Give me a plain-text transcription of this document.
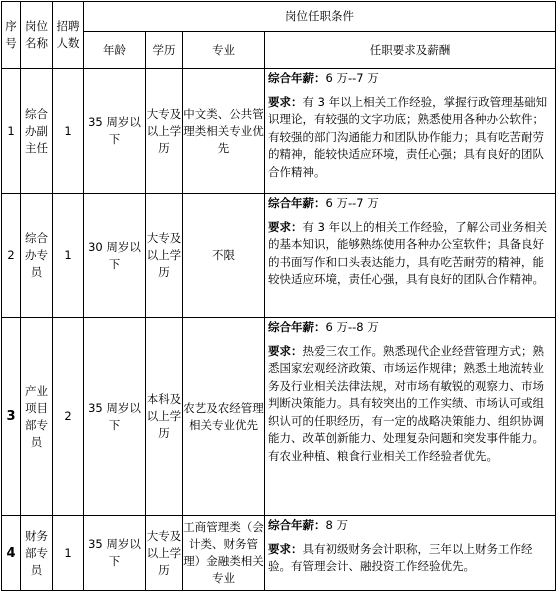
序号	岗位名称	招聘人数	岗位任职条件			
			年龄	学历	专业	任职要求及薪酬
1	综合办副主任	1	35 周岁以下	大专及以上学历	中文类、公共管理类相关专业优先	综合年薪：6 万--7 万
要求：有 3 年以上相关工作经验，掌握行政管理基础知识理论，有较强的文字功底；熟悉使用各种办公软件；有较强的部门沟通能力和团队协作能力；具有吃苦耐劳的精神，能较快适应环境，责任心强；具有良好的团队合作精神。

2	综合办专员	1	30 周岁以下	大专及以上学历	不限	综合年薪：6 万--7 万
要求：有 3 年以上的相关工作经验，了解公司业务相关的基本知识，能够熟练使用各种办公室软件；具备良好的书面写作和口头表达能力，具有吃苦耐劳的精神，能较快适应环境，责任心强，具有良好的团队合作精神。

3	产业项目部专员	2	35 周岁以下	本科及以上学历	农艺及农经管理相关专业优先	综合年薪：6 万--8 万
要求：热爱三农工作。熟悉现代企业经营管理方式；熟悉国家宏观经济政策、市场运作规律；熟悉土地流转业务及行业相关法律法规，对市场有敏锐的观察力、市场判断决策能力。具有较突出的工作实绩、市场认可或组织认可的任职经历，有一定的战略决策能力、组织协调能力、改革创新能力、处理复杂问题和突发事件能力。有农业种植、粮食行业相关工作经验者优先。

4	财务部专员	1	35 周岁以下	大专及以上学历	工商管理类（会计类、财务管理）金融类相关专业	综合年薪：8 万
要求：具有初级财务会计职称，三年以上财务工作经验。有管理会计、融投资工作经验优先。
